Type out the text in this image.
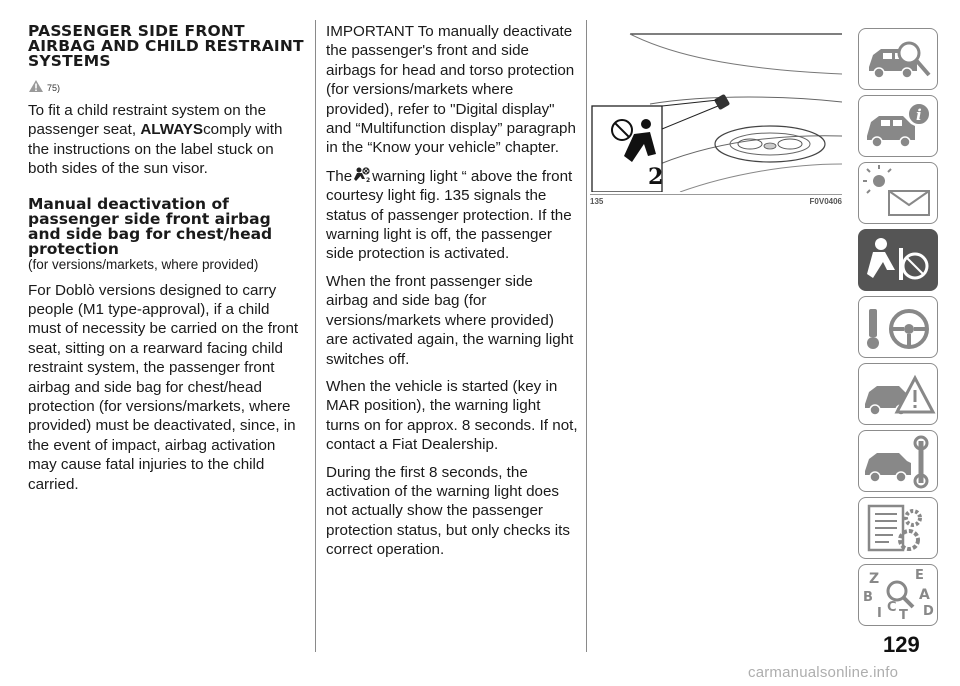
PASSENGER SIDE FRONT AIRBAG AND CHILD RESTRAINT SYSTEMS
75)

To fit a child restraint system on the passenger seat, ALWAYScomply with the instructions on the label stuck on both sides of the sun visor.

Manual deactivation of passenger side front airbag and side bag for chest/head protection

(for versions/markets, where provided)

For Doblò versions designed to carry people (M1 type-approval), if a child must of necessity be carried on the front seat, sitting on a rearward facing child restraint system, the passenger front airbag and side bag for chest/head protection (for versions/markets, where provided) must be deactivated, since, in the event of impact, airbag activation may cause fatal injuries to the child carried.

IMPORTANT To manually deactivate the passenger's front and side airbags for head and torso protection (for versions/markets where provided), refer to "Digital display" and “Multifunction display” paragraph in the “Know your vehicle” chapter.

The 2 warning light “ above the front courtesy light fig. 135 signals the status of passenger protection. If the warning light is off, the passenger side protection is activated.

When the front passenger side airbag and side bag (for versions/markets where provided) are activated again, the warning light switches off.

When the vehicle is started (key in MAR position), the warning light turns on for approx. 8 seconds. If not, contact a Fiat Dealership.

During the first 8 seconds, the activation of the warning light does not actually show the passenger protection status, but only checks its correct operation.

2
135	F0V0406
i
Z	E
B	A
I C
T D
129
carmanualsonline.info
